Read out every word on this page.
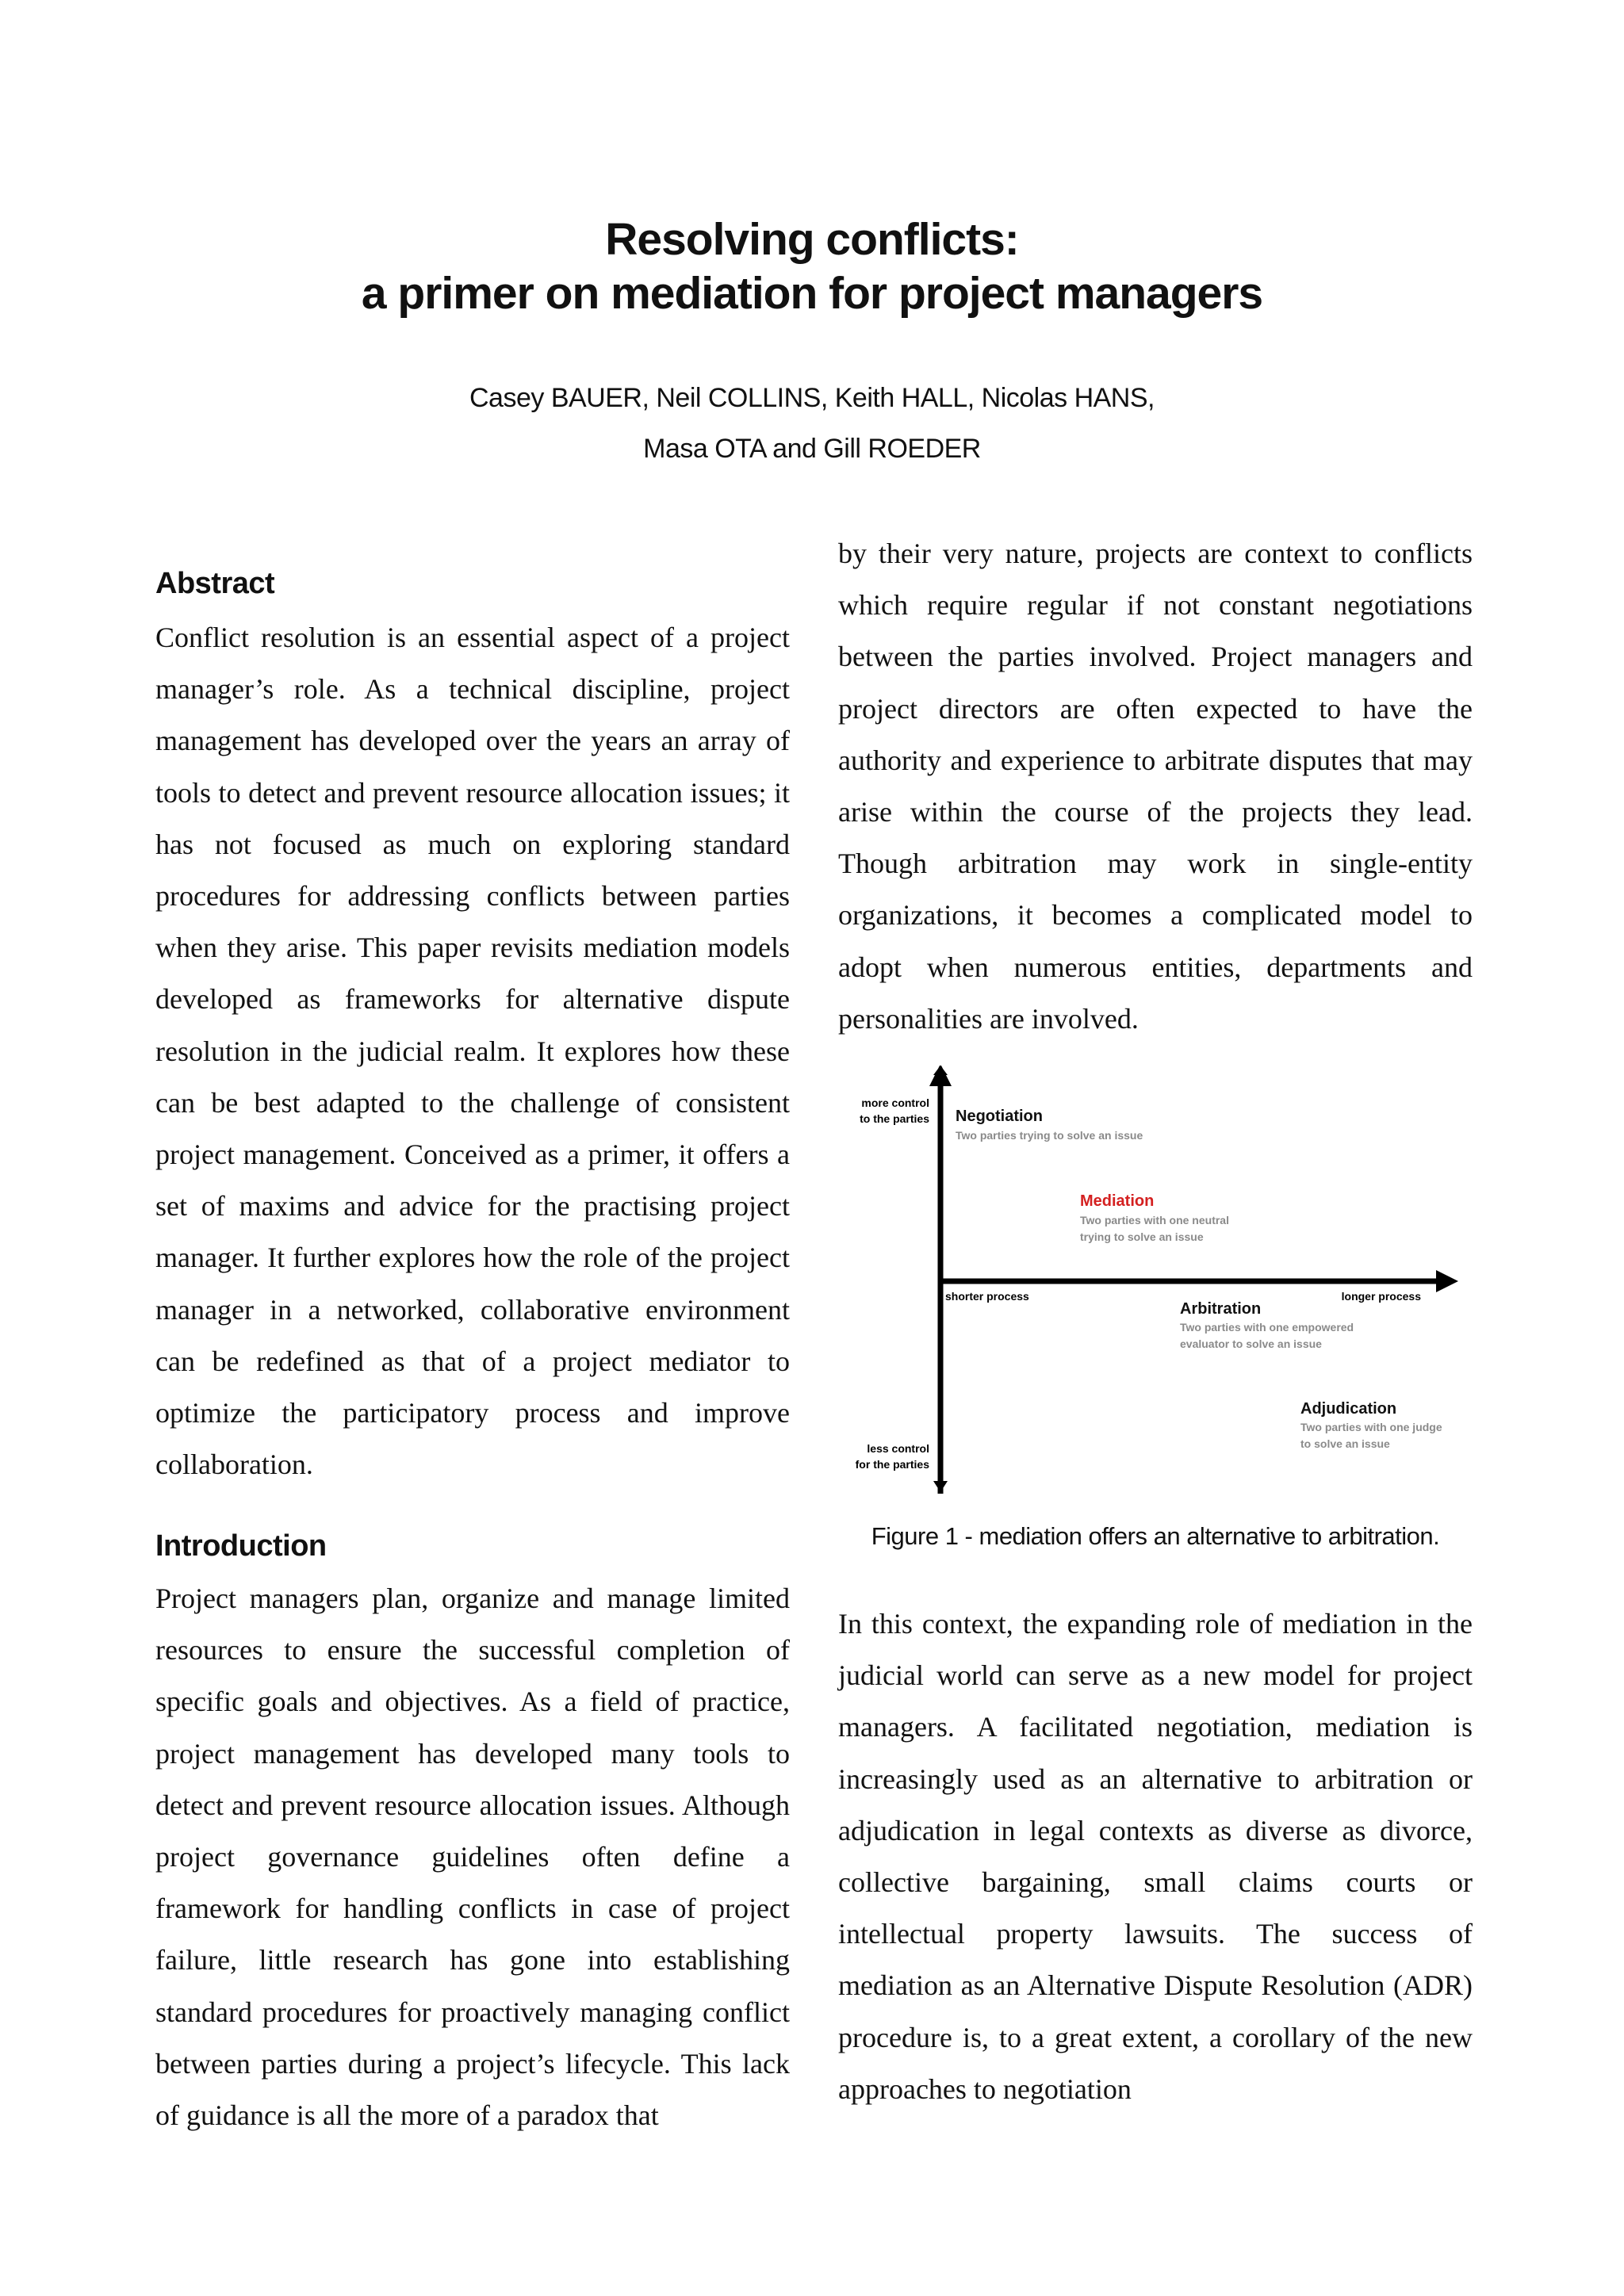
Resolving conflicts:
a primer on mediation for project managers
Casey BAUER, Neil COLLINS, Keith HALL, Nicolas HANS,
Masa OTA and Gill ROEDER
Abstract

Conflict resolution is an essential aspect of a project manager’s role. As a technical discipline, project management has developed over the years an array of tools to detect and prevent resource allocation issues; it has not focused as much on exploring standard procedures for addressing conflicts between parties when they arise. This paper revisits mediation models developed as frameworks for alternative dispute resolution in the judicial realm. It explores how these can be best adapted to the challenge of consistent project management. Conceived as a primer, it offers a set of maxims and advice for the practising project manager. It further explores how the role of the project manager in a networked, collaborative environment can be redefined as that of a project mediator to optimize the participatory process and improve collaboration.

Introduction

Project managers plan, organize and manage limited resources to ensure the successful completion of specific goals and objectives. As a field of practice, project management has developed many tools to detect and prevent resource allocation issues. Although project governance guidelines often define a framework for handling conflicts in case of project failure, little research has gone into establishing standard procedures for proactively managing conflict between parties during a project’s lifecycle. This lack of guidance is all the more of a paradox that

by their very nature, projects are context to conflicts which require regular if not constant negotiations between the parties involved. Project managers and project directors are often expected to have the authority and experience to arbitrate disputes that may arise within the course of the projects they lead. Though arbitration may work in single-entity organizations, it becomes a complicated model to adopt when numerous entities, departments and personalities are involved.

In this context, the expanding role of mediation in the judicial world can serve as a new model for project managers. A facilitated negotiation, mediation is increasingly used as an alternative to arbitration or adjudication in legal contexts as diverse as divorce, collective bargaining, small claims courts or intellectual property lawsuits. The success of mediation as an Alternative Dispute Resolution (ADR) procedure is, to a great extent, a corollary of the new approaches to negotiation

more control
to the parties
less control
for the parties
shorter process	longer process
Negotiation
Two parties trying to solve an issue
Mediation
Two parties with one neutral
trying to solve an issue
Arbitration
Two parties with one empowered
evaluator to solve an issue
Adjudication
Two parties with one judge
to solve an issue
Figure 1 - mediation offers an alternative to arbitration.
